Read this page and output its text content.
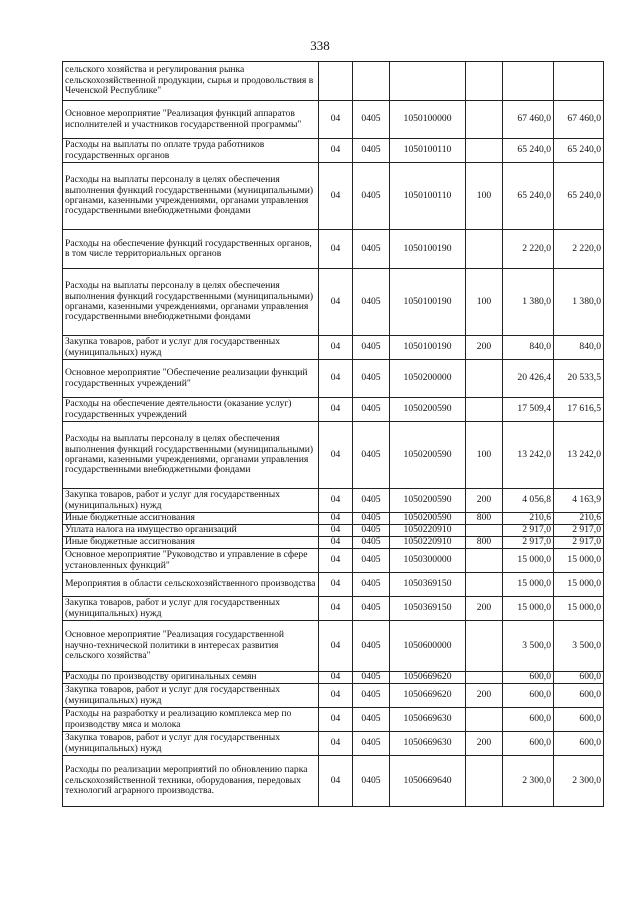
338
сельского хозяйства и регулирования рынка сельскохозяйственной продукции, сырья и продовольствия в Чеченской Республике"						
Основное мероприятие "Реализация функций аппаратов исполнителей и участников государственной программы"	04	0405	1050100000		67 460,0	67 460,0
Расходы на выплаты по оплате труда работников государственных органов	04	0405	1050100110		65 240,0	65 240,0
Расходы на выплаты персоналу в целях обеспечения выполнения функций государственными (муниципальными) органами, казенными учреждениями, органами управления государственными внебюджетными фондами	04	0405	1050100110	100	65 240,0	65 240,0
Расходы на обеспечение функций государственных органов, в том числе территориальных органов	04	0405	1050100190		2 220,0	2 220,0
Расходы на выплаты персоналу в целях обеспечения выполнения функций государственными (муниципальными) органами, казенными учреждениями, органами управления государственными внебюджетными фондами	04	0405	1050100190	100	1 380,0	1 380,0
Закупка товаров, работ и услуг для государственных (муниципальных) нужд	04	0405	1050100190	200	840,0	840,0
Основное мероприятие "Обеспечение реализации функций государственных учреждений"	04	0405	1050200000		20 426,4	20 533,5
Расходы на обеспечение деятельности (оказание услуг) государственных учреждений	04	0405	1050200590		17 509,4	17 616,5
Расходы на выплаты персоналу в целях обеспечения выполнения функций государственными (муниципальными) органами, казенными учреждениями, органами управления государственными внебюджетными фондами	04	0405	1050200590	100	13 242,0	13 242,0
Закупка товаров, работ и услуг для государственных (муниципальных) нужд	04	0405	1050200590	200	4 056,8	4 163,9
Иные бюджетные ассигнования	04	0405	1050200590	800	210,6	210,6
Уплата налога на имущество организаций	04	0405	1050220910		2 917,0	2 917,0
Иные бюджетные ассигнования	04	0405	1050220910	800	2 917,0	2 917,0
Основное мероприятие "Руководство и управление в сфере установленных функций"	04	0405	1050300000		15 000,0	15 000,0
Мероприятия в области сельскохозяйственного производства	04	0405	1050369150		15 000,0	15 000,0
Закупка товаров, работ и услуг для государственных (муниципальных) нужд	04	0405	1050369150	200	15 000,0	15 000,0
Основное мероприятие "Реализация государственной научно-технической политики в интересах развития сельского хозяйства"	04	0405	1050600000		3 500,0	3 500,0
Расходы по производству оригинальных семян	04	0405	1050669620		600,0	600,0
Закупка товаров, работ и услуг для государственных (муниципальных) нужд	04	0405	1050669620	200	600,0	600,0
Расходы на разработку и реализацию комплекса мер по производству мяса и молока	04	0405	1050669630		600,0	600,0
Закупка товаров, работ и услуг для государственных (муниципальных) нужд	04	0405	1050669630	200	600,0	600,0
Расходы по реализации мероприятий по обновлению парка сельскохозяйственной техники, оборудования, передовых технологий аграрного производства.	04	0405	1050669640		2 300,0	2 300,0
